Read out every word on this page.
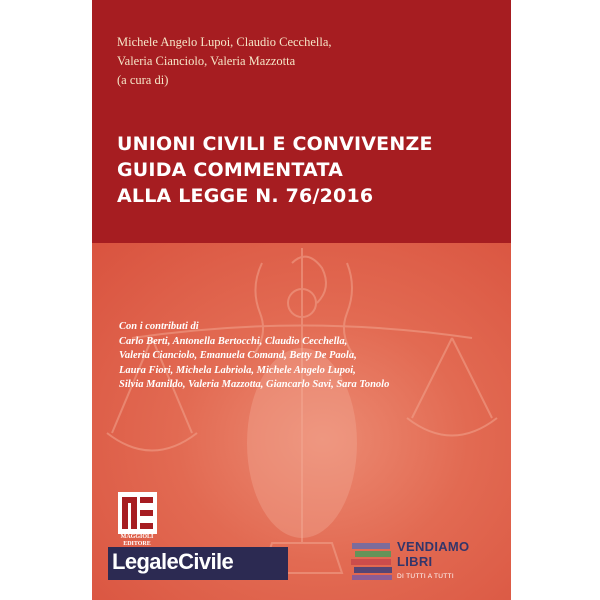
Michele Angelo Lupoi, Claudio Cecchella,
Valeria Cianciolo, Valeria Mazzotta
(a cura di)
UNIONI CIVILI E CONVIVENZE
GUIDA COMMENTATA
ALLA LEGGE N. 76/2016
Con i contributi di
Carlo Berti, Antonella Bertocchi, Claudio Cecchella,
Valeria Cianciolo, Emanuela Comand, Betty De Paola,
Laura Fiori, Michela Labriola, Michele Angelo Lupoi,
Silvia Manildo, Valeria Mazzotta, Giancarlo Savi, Sara Tonolo
MAGGIOLI
EDITORE
LegaleCivile
VENDIAMO
LIBRI
DI TUTTI A TUTTI
